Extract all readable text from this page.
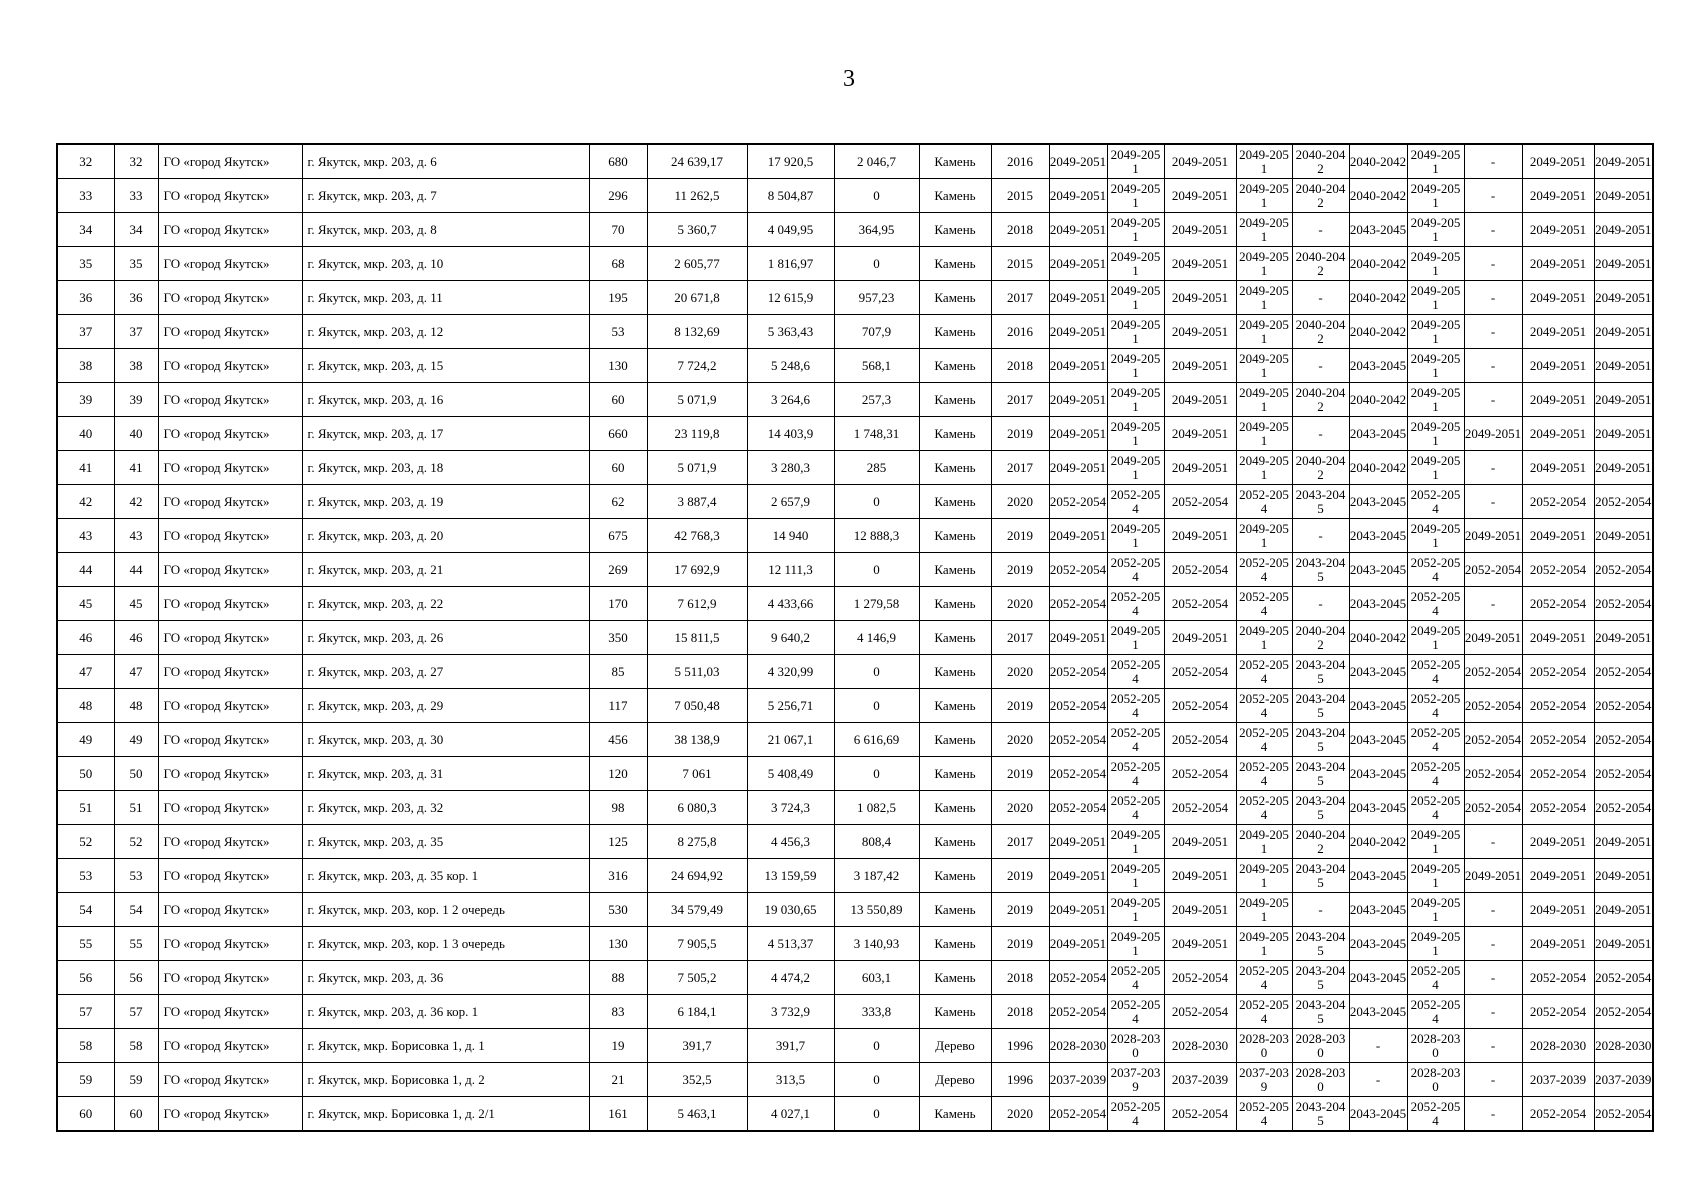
3
32	32	ГО «город Якутск»	г. Якутск, мкр. 203, д. 6	680	24 639,17	17 920,5	2 046,7	Камень	2016	2049-2051	2049-2051	2049-2051	2049-2051	2040-2042	2040-2042	2049-2051	-	2049-2051	2049-2051
33	33	ГО «город Якутск»	г. Якутск, мкр. 203, д. 7	296	11 262,5	8 504,87	0	Камень	2015	2049-2051	2049-2051	2049-2051	2049-2051	2040-2042	2040-2042	2049-2051	-	2049-2051	2049-2051
34	34	ГО «город Якутск»	г. Якутск, мкр. 203, д. 8	70	5 360,7	4 049,95	364,95	Камень	2018	2049-2051	2049-2051	2049-2051	2049-2051	-	2043-2045	2049-2051	-	2049-2051	2049-2051
35	35	ГО «город Якутск»	г. Якутск, мкр. 203, д. 10	68	2 605,77	1 816,97	0	Камень	2015	2049-2051	2049-2051	2049-2051	2049-2051	2040-2042	2040-2042	2049-2051	-	2049-2051	2049-2051
36	36	ГО «город Якутск»	г. Якутск, мкр. 203, д. 11	195	20 671,8	12 615,9	957,23	Камень	2017	2049-2051	2049-2051	2049-2051	2049-2051	-	2040-2042	2049-2051	-	2049-2051	2049-2051
37	37	ГО «город Якутск»	г. Якутск, мкр. 203, д. 12	53	8 132,69	5 363,43	707,9	Камень	2016	2049-2051	2049-2051	2049-2051	2049-2051	2040-2042	2040-2042	2049-2051	-	2049-2051	2049-2051
38	38	ГО «город Якутск»	г. Якутск, мкр. 203, д. 15	130	7 724,2	5 248,6	568,1	Камень	2018	2049-2051	2049-2051	2049-2051	2049-2051	-	2043-2045	2049-2051	-	2049-2051	2049-2051
39	39	ГО «город Якутск»	г. Якутск, мкр. 203, д. 16	60	5 071,9	3 264,6	257,3	Камень	2017	2049-2051	2049-2051	2049-2051	2049-2051	2040-2042	2040-2042	2049-2051	-	2049-2051	2049-2051
40	40	ГО «город Якутск»	г. Якутск, мкр. 203, д. 17	660	23 119,8	14 403,9	1 748,31	Камень	2019	2049-2051	2049-2051	2049-2051	2049-2051	-	2043-2045	2049-2051	2049-2051	2049-2051	2049-2051
41	41	ГО «город Якутск»	г. Якутск, мкр. 203, д. 18	60	5 071,9	3 280,3	285	Камень	2017	2049-2051	2049-2051	2049-2051	2049-2051	2040-2042	2040-2042	2049-2051	-	2049-2051	2049-2051
42	42	ГО «город Якутск»	г. Якутск, мкр. 203, д. 19	62	3 887,4	2 657,9	0	Камень	2020	2052-2054	2052-2054	2052-2054	2052-2054	2043-2045	2043-2045	2052-2054	-	2052-2054	2052-2054
43	43	ГО «город Якутск»	г. Якутск, мкр. 203, д. 20	675	42 768,3	14 940	12 888,3	Камень	2019	2049-2051	2049-2051	2049-2051	2049-2051	-	2043-2045	2049-2051	2049-2051	2049-2051	2049-2051
44	44	ГО «город Якутск»	г. Якутск, мкр. 203, д. 21	269	17 692,9	12 111,3	0	Камень	2019	2052-2054	2052-2054	2052-2054	2052-2054	2043-2045	2043-2045	2052-2054	2052-2054	2052-2054	2052-2054
45	45	ГО «город Якутск»	г. Якутск, мкр. 203, д. 22	170	7 612,9	4 433,66	1 279,58	Камень	2020	2052-2054	2052-2054	2052-2054	2052-2054	-	2043-2045	2052-2054	-	2052-2054	2052-2054
46	46	ГО «город Якутск»	г. Якутск, мкр. 203, д. 26	350	15 811,5	9 640,2	4 146,9	Камень	2017	2049-2051	2049-2051	2049-2051	2049-2051	2040-2042	2040-2042	2049-2051	2049-2051	2049-2051	2049-2051
47	47	ГО «город Якутск»	г. Якутск, мкр. 203, д. 27	85	5 511,03	4 320,99	0	Камень	2020	2052-2054	2052-2054	2052-2054	2052-2054	2043-2045	2043-2045	2052-2054	2052-2054	2052-2054	2052-2054
48	48	ГО «город Якутск»	г. Якутск, мкр. 203, д. 29	117	7 050,48	5 256,71	0	Камень	2019	2052-2054	2052-2054	2052-2054	2052-2054	2043-2045	2043-2045	2052-2054	2052-2054	2052-2054	2052-2054
49	49	ГО «город Якутск»	г. Якутск, мкр. 203, д. 30	456	38 138,9	21 067,1	6 616,69	Камень	2020	2052-2054	2052-2054	2052-2054	2052-2054	2043-2045	2043-2045	2052-2054	2052-2054	2052-2054	2052-2054
50	50	ГО «город Якутск»	г. Якутск, мкр. 203, д. 31	120	7 061	5 408,49	0	Камень	2019	2052-2054	2052-2054	2052-2054	2052-2054	2043-2045	2043-2045	2052-2054	2052-2054	2052-2054	2052-2054
51	51	ГО «город Якутск»	г. Якутск, мкр. 203, д. 32	98	6 080,3	3 724,3	1 082,5	Камень	2020	2052-2054	2052-2054	2052-2054	2052-2054	2043-2045	2043-2045	2052-2054	2052-2054	2052-2054	2052-2054
52	52	ГО «город Якутск»	г. Якутск, мкр. 203, д. 35	125	8 275,8	4 456,3	808,4	Камень	2017	2049-2051	2049-2051	2049-2051	2049-2051	2040-2042	2040-2042	2049-2051	-	2049-2051	2049-2051
53	53	ГО «город Якутск»	г. Якутск, мкр. 203, д. 35 кор. 1	316	24 694,92	13 159,59	3 187,42	Камень	2019	2049-2051	2049-2051	2049-2051	2049-2051	2043-2045	2043-2045	2049-2051	2049-2051	2049-2051	2049-2051
54	54	ГО «город Якутск»	г. Якутск, мкр. 203, кор. 1 2 очередь	530	34 579,49	19 030,65	13 550,89	Камень	2019	2049-2051	2049-2051	2049-2051	2049-2051	-	2043-2045	2049-2051	-	2049-2051	2049-2051
55	55	ГО «город Якутск»	г. Якутск, мкр. 203, кор. 1 3 очередь	130	7 905,5	4 513,37	3 140,93	Камень	2019	2049-2051	2049-2051	2049-2051	2049-2051	2043-2045	2043-2045	2049-2051	-	2049-2051	2049-2051
56	56	ГО «город Якутск»	г. Якутск, мкр. 203, д. 36	88	7 505,2	4 474,2	603,1	Камень	2018	2052-2054	2052-2054	2052-2054	2052-2054	2043-2045	2043-2045	2052-2054	-	2052-2054	2052-2054
57	57	ГО «город Якутск»	г. Якутск, мкр. 203, д. 36 кор. 1	83	6 184,1	3 732,9	333,8	Камень	2018	2052-2054	2052-2054	2052-2054	2052-2054	2043-2045	2043-2045	2052-2054	-	2052-2054	2052-2054
58	58	ГО «город Якутск»	г. Якутск, мкр. Борисовка 1, д. 1	19	391,7	391,7	0	Дерево	1996	2028-2030	2028-2030	2028-2030	2028-2030	2028-2030	-	2028-2030	-	2028-2030	2028-2030
59	59	ГО «город Якутск»	г. Якутск, мкр. Борисовка 1, д. 2	21	352,5	313,5	0	Дерево	1996	2037-2039	2037-2039	2037-2039	2037-2039	2028-2030	-	2028-2030	-	2037-2039	2037-2039
60	60	ГО «город Якутск»	г. Якутск, мкр. Борисовка 1, д. 2/1	161	5 463,1	4 027,1	0	Камень	2020	2052-2054	2052-2054	2052-2054	2052-2054	2043-2045	2043-2045	2052-2054	-	2052-2054	2052-2054
